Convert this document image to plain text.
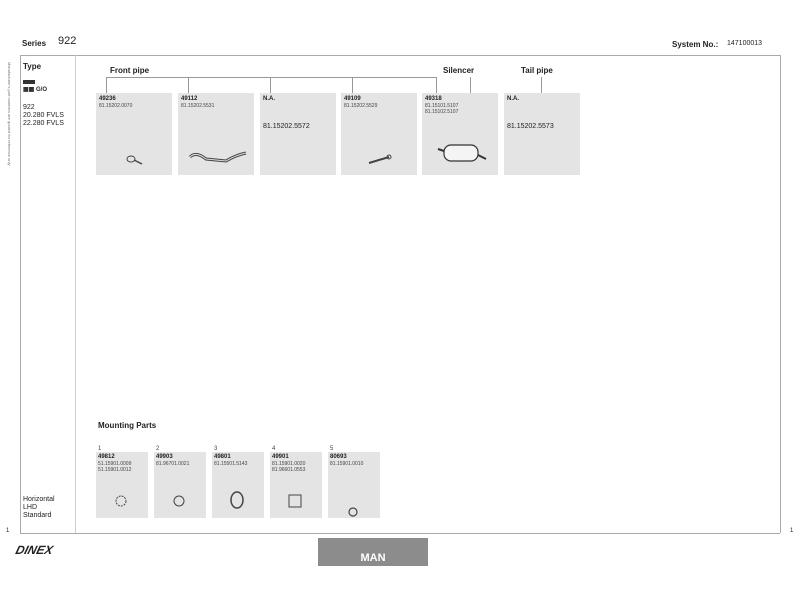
Series 922	System No.: 147100013
Manufacturer's part numbers are quoted for reference only Type

▦▦ G/O
922
20.280 FVLS
22.280 FVLS
Horizontal
LHD
Standard
Front pipe	Silencer	Tail pipe
49236
81.15202.0070
49112
81.15202.5531
N.A.
81.15202.5572
49109
81.15202.5529
49318
81.15101.5107
81.15102.5107
N.A.
81.15202.5573
Mounting Parts
1
49812
51.15901.0009
51.15901.0012
2
49903
81.96701.0021
3
49801
81.15501.5143
4
49901
81.15901.0020
81.96601.0553
5
80693
81.15901.0010
1	1
DINEX
MAN
